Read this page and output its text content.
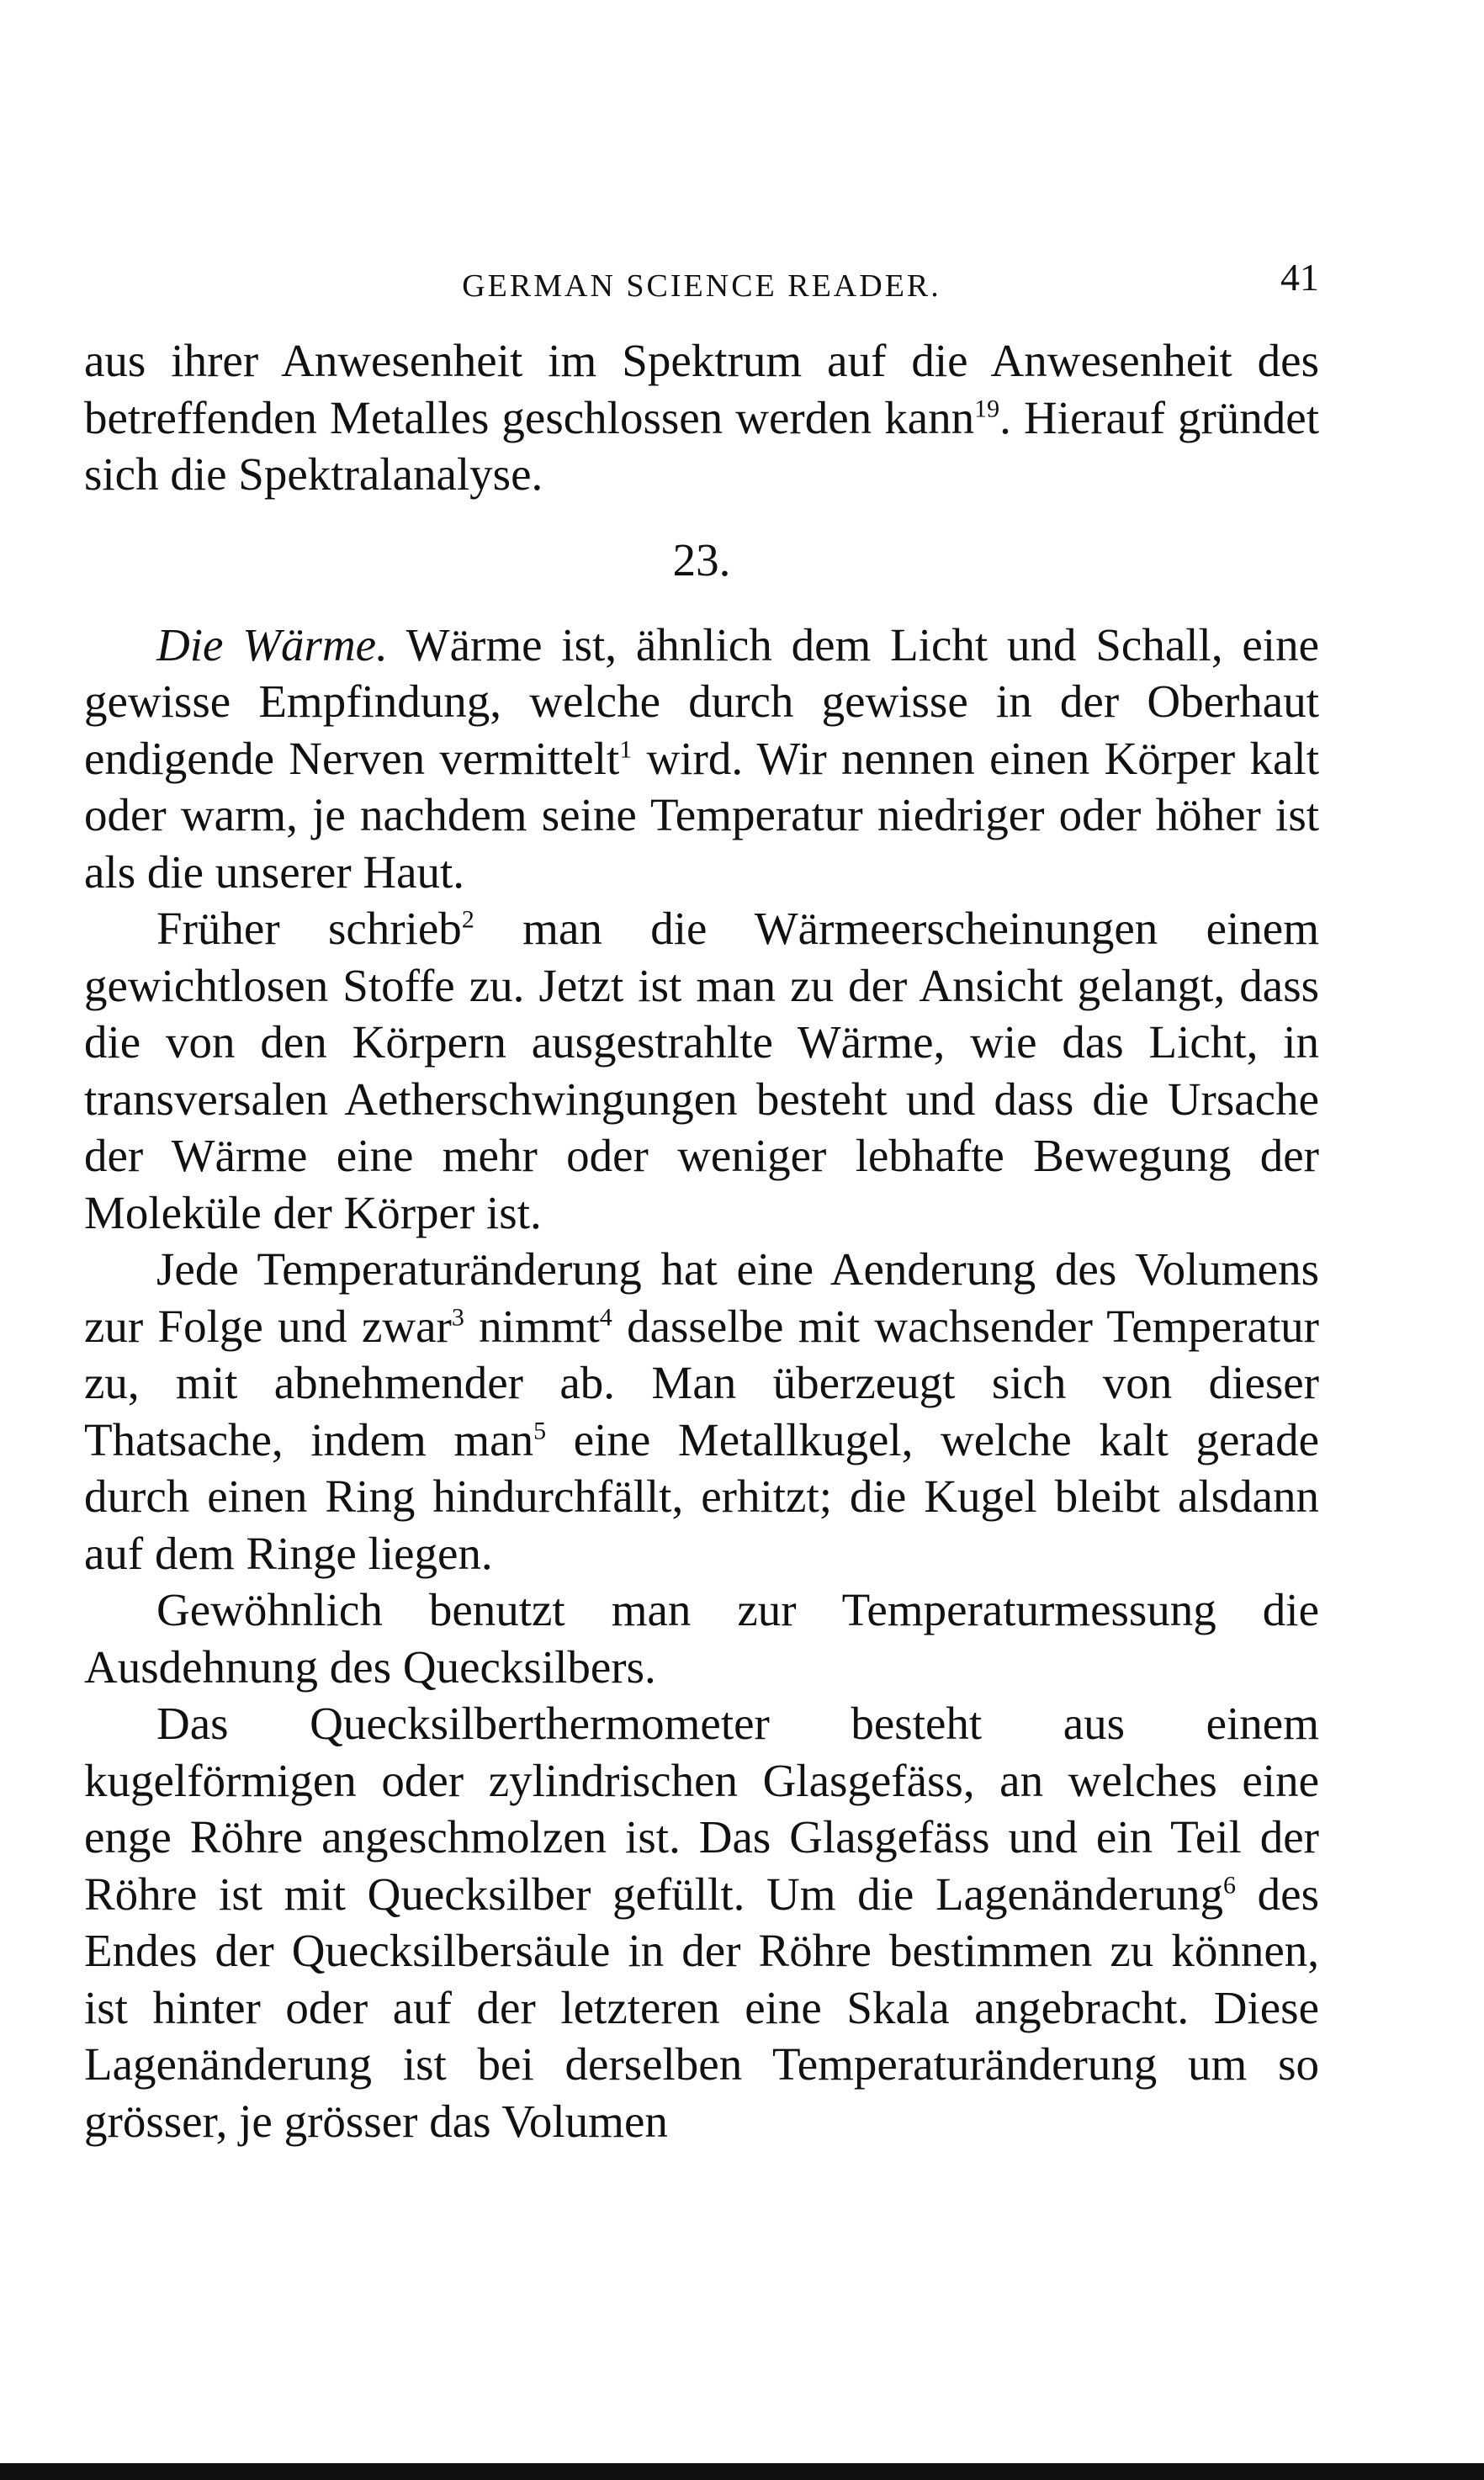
GERMAN SCIENCE READER.	41

aus ihrer Anwesenheit im Spektrum auf die Anwesenheit des betreffenden Metalles geschlossen werden kann$^{19}$. Hierauf gründet sich die Spektralanalyse.

23.

Die Wärme. Wärme ist, ähnlich dem Licht und Schall, eine gewisse Empfindung, welche durch gewisse in der Oberhaut endigende Nerven vermittelt$^1$ wird. Wir nennen einen Körper kalt oder warm, je nachdem seine Temperatur niedriger oder höher ist als die unserer Haut.

Früher schrieb$^2$ man die Wärmeerscheinungen einem gewichtlosen Stoffe zu. Jetzt ist man zu der Ansicht gelangt, dass die von den Körpern ausgestrahlte Wärme, wie das Licht, in transversalen Aetherschwingungen besteht und dass die Ursache der Wärme eine mehr oder weniger lebhafte Bewegung der Moleküle der Körper ist.

Jede Temperaturänderung hat eine Aenderung des Volumens zur Folge und zwar$^3$ nimmt$^4$ dasselbe mit wachsender Temperatur zu, mit abnehmender ab. Man überzeugt sich von dieser Thatsache, indem man$^5$ eine Metallkugel, welche kalt gerade durch einen Ring hindurchfällt, erhitzt; die Kugel bleibt alsdann auf dem Ringe liegen.

Gewöhnlich benutzt man zur Temperaturmessung die Ausdehnung des Quecksilbers.

Das Quecksilberthermometer besteht aus einem kugelförmigen oder zylindrischen Glasgefäss, an welches eine enge Röhre angeschmolzen ist. Das Glasgefäss und ein Teil der Röhre ist mit Quecksilber gefüllt. Um die Lagenänderung$^6$ des Endes der Quecksilbersäule in der Röhre bestimmen zu können, ist hinter oder auf der letzteren eine Skala angebracht. Diese Lagenänderung ist bei derselben Temperaturänderung um so grösser, je grösser das Volumen
